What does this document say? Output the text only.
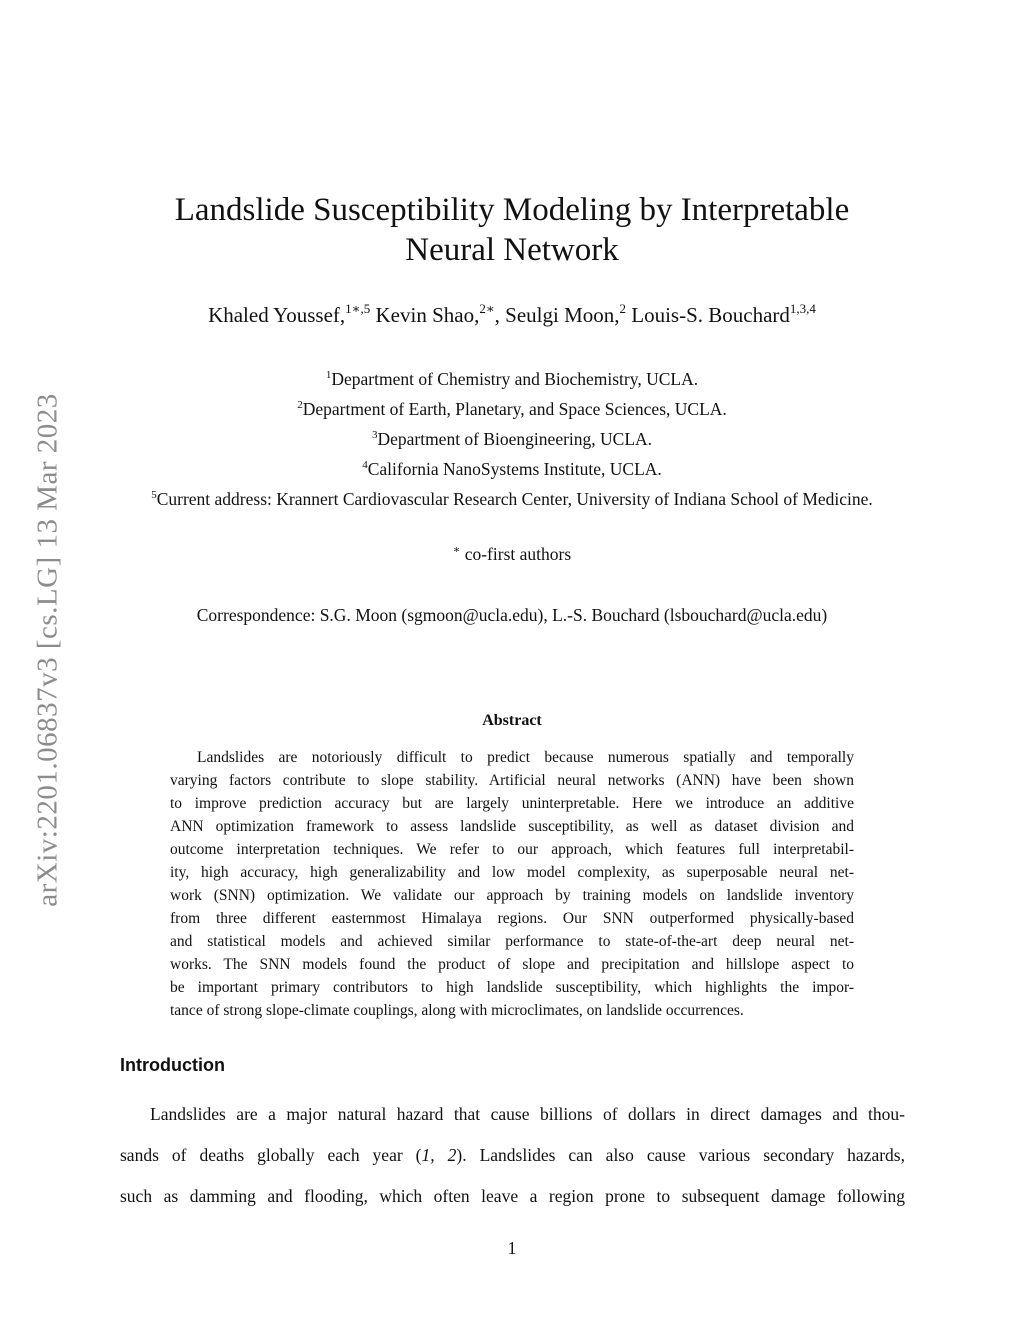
arXiv:2201.06837v3 [cs.LG] 13 Mar 2023
Landslide Susceptibility Modeling by Interpretable
Neural Network
Khaled Youssef,$^{1∗,5}$ Kevin Shao,$^{2∗}$, Seulgi Moon,$^2$ Louis-S. Bouchard$^{1,3,4}$
$^1$Department of Chemistry and Biochemistry, UCLA.
$^2$Department of Earth, Planetary, and Space Sciences, UCLA.
$^3$Department of Bioengineering, UCLA.
$^4$California NanoSystems Institute, UCLA.
$^5$Current address: Krannert Cardiovascular Research Center, University of Indiana School of Medicine.
∗ co-first authors
Correspondence: S.G. Moon (sgmoon@ucla.edu), L.-S. Bouchard (lsbouchard@ucla.edu)
Abstract
Landslides are notoriously difficult to predict because numerous spatially and temporally
varying factors contribute to slope stability. Artificial neural networks (ANN) have been shown
to improve prediction accuracy but are largely uninterpretable. Here we introduce an additive
ANN optimization framework to assess landslide susceptibility, as well as dataset division and
outcome interpretation techniques. We refer to our approach, which features full interpretabil-
ity, high accuracy, high generalizability and low model complexity, as superposable neural net-
work (SNN) optimization. We validate our approach by training models on landslide inventory
from three different easternmost Himalaya regions. Our SNN outperformed physically-based
and statistical models and achieved similar performance to state-of-the-art deep neural net-
works. The SNN models found the product of slope and precipitation and hillslope aspect to
be important primary contributors to high landslide susceptibility, which highlights the impor-
tance of strong slope-climate couplings, along with microclimates, on landslide occurrences.
Introduction
Landslides are a major natural hazard that cause billions of dollars in direct damages and thou-
sands of deaths globally each year (1, 2). Landslides can also cause various secondary hazards,
such as damming and flooding, which often leave a region prone to subsequent damage following
1
